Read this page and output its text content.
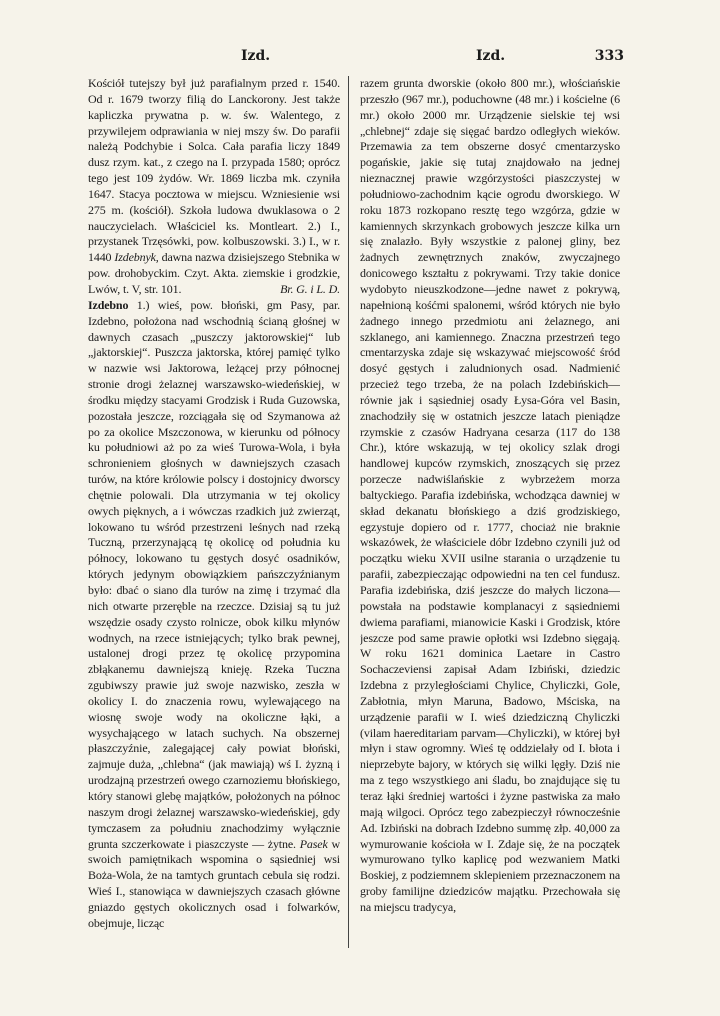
Izd.	Izd.	333

Kościół tutejszy był już parafialnym przed r. 1540. Od r. 1679 tworzy filią do Lanckorony. Jest także kapliczka prywatna p. w. św. Walentego, z przywilejem odprawiania w niej mszy św. Do parafii należą Podchybie i Solca. Cała parafia liczy 1849 dusz rzym. kat., z czego na I. przypada 1580; oprócz tego jest 109 żydów. Wr. 1869 liczba mk. czyniła 1647. Stacya pocztowa w miejscu. Wzniesienie wsi 275 m. (kościół). Szkoła ludowa dwuklasowa o 2 nauczycielach. Właściciel ks. Montleart. 2.) I., przystanek Trzęsówki, pow. kolbuszowski. 3.) I., w r. 1440 Izdebnyk, dawna nazwa dzisiejszego Stebnika w pow. drohobyckim. Czyt. Akta. ziemskie i grodzkie, Lwów, t. V, str. 101.	Br. G. i L. D.

Izdebno 1.) wieś, pow. błoński, gm Pasy, par. Izdebno, położona nad wschodnią ścianą głośnej w dawnych czasach „puszczy jaktorowskiej“ lub „jaktorskiej“. Puszcza jaktorska, której pamięć tylko w nazwie wsi Jaktorowa, leżącej przy północnej stronie drogi żelaznej warszawsko-wiedeńskiej, w środku między stacyami Grodzisk i Ruda Guzowska, pozostała jeszcze, rozciągała się od Szymanowa aż po za okolice Mszczonowa, w kierunku od północy ku południowi aż po za wieś Turowa-Wola, i była schronieniem głośnych w dawniejszych czasach turów, na które królowie polscy i dostojnicy dworscy chętnie polowali. Dla utrzymania w tej okolicy owych pięknych, a i wówczas rzadkich już zwierząt, lokowano tu wśród przestrzeni leśnych nad rzeką Tuczną, przerzynającą tę okolicę od południa ku północy, lokowano tu gęstych dosyć osadników, których jedynym obowiązkiem pańszczyźnianym było: dbać o siano dla turów na zimę i trzymać dla nich otwarte przeręble na rzeczce. Dzisiaj są tu już wszędzie osady czysto rolnicze, obok kilku młynów wodnych, na rzece istniejących; tylko brak pewnej, ustalonej drogi przez tę okolicę przypomina zbłąkanemu dawniejszą knieję. Rzeka Tuczna zgubiwszy prawie już swoje nazwisko, zeszła w okolicy I. do znaczenia rowu, wylewającego na wiosnę swoje wody na okoliczne łąki, a wysychającego w latach suchych. Na obszernej płaszczyźnie, zalegającej cały powiat błoński, zajmuje duża, „chlebna“ (jak mawiają) wś I. żyzną i urodzajną przestrzeń owego czarnoziemu błońskiego, który stanowi glebę majątków, położonych na północ naszym drogi żelaznej warszawsko-wiedeńskiej, gdy tymczasem za południu znachodzimy wyłącznie grunta szczerkowate i piaszczyste — żytne. Pasek w swoich pamiętnikach wspomina o sąsiedniej wsi Boża-Wola, że na tamtych gruntach cebula się rodzi. Wieś I., stanowiąca w dawniejszych czasach główne gniazdo gęstych okolicznych osad i folwarków, obejmuje, licząc

razem grunta dworskie (około 800 mr.), włościańskie przeszło (967 mr.), poduchowne (48 mr.) i kościelne (6 mr.) około 2000 mr. Urządzenie sielskie tej wsi „chlebnej“ zdaje się sięgać bardzo odległych wieków. Przemawia za tem obszerne dosyć cmentarzysko pogańskie, jakie się tutaj znajdowało na jednej nieznacznej prawie wzgórzystości piaszczystej w południowo-zachodnim kącie ogrodu dworskiego. W roku 1873 rozkopano resztę tego wzgórza, gdzie w kamiennych skrzynkach grobowych jeszcze kilka urn się znalazło. Były wszystkie z palonej gliny, bez żadnych zewnętrznych znaków, zwyczajnego donicowego kształtu z pokrywami. Trzy takie donice wydobyto nieuszkodzone—jedne nawet z pokrywą, napełnioną kośćmi spalonemi, wśród których nie było żadnego innego przedmiotu ani żelaznego, ani szklanego, ani kamiennego. Znaczna przestrzeń tego cmentarzyska zdaje się wskazywać miejscowość śród dosyć gęstych i zaludnionych osad. Nadmienić przecież tego trzeba, że na polach Izdebińskich—równie jak i sąsiedniej osady Łysa-Góra vel Basin, znachodziły się w ostatnich jeszcze latach pieniądze rzymskie z czasów Hadryana cesarza (117 do 138 Chr.), które wskazują, w tej okolicy szlak drogi handlowej kupców rzymskich, znoszących się przez porzecze nadwiślańskie z wybrzeżem morza baltyckiego. Parafia izdebińska, wchodząca dawniej w skład dekanatu błońskiego a dziś grodziskiego, egzystuje dopiero od r. 1777, chociaż nie braknie wskazówek, że właściciele dóbr Izdebno czynili już od początku wieku XVII usilne starania o urządzenie tu parafii, zabezpieczając odpowiedni na ten cel fundusz. Parafia izdebińska, dziś jeszcze do małych liczona—powstała na podstawie komplanacyi z sąsiedniemi dwiema parafiami, mianowicie Kaski i Grodzisk, które jeszcze pod same prawie opłotki wsi Izdebno sięgają. W roku 1621 dominica Laetare in Castro Sochaczeviensi zapisał Adam Izbiński, dziedzic Izdebna z przyległościami Chylice, Chyliczki, Gole, Zabłotnia, młyn Maruna, Badowo, Mściska, na urządzenie parafii w I. wieś dziedziczną Chyliczki (vilam haereditariam parvam—Chyliczki), w której był młyn i staw ogromny. Wieś tę oddzielały od I. błota i nieprzebyte bajory, w których się wilki lęgły. Dziś nie ma z tego wszystkiego ani śladu, bo znajdujące się tu teraz łąki średniej wartości i żyzne pastwiska za mało mają wilgoci. Oprócz tego zabezpieczył równocześnie Ad. Izbiński na dobrach Izdebno summę złp. 40,000 za wymurowanie kościoła w I. Zdaje się, że na początek wymurowano tylko kaplicę pod wezwaniem Matki Boskiej, z podziemnem sklepieniem przeznaczonem na groby familijne dziedziców majątku. Przechowała się na miejscu tradycya,
